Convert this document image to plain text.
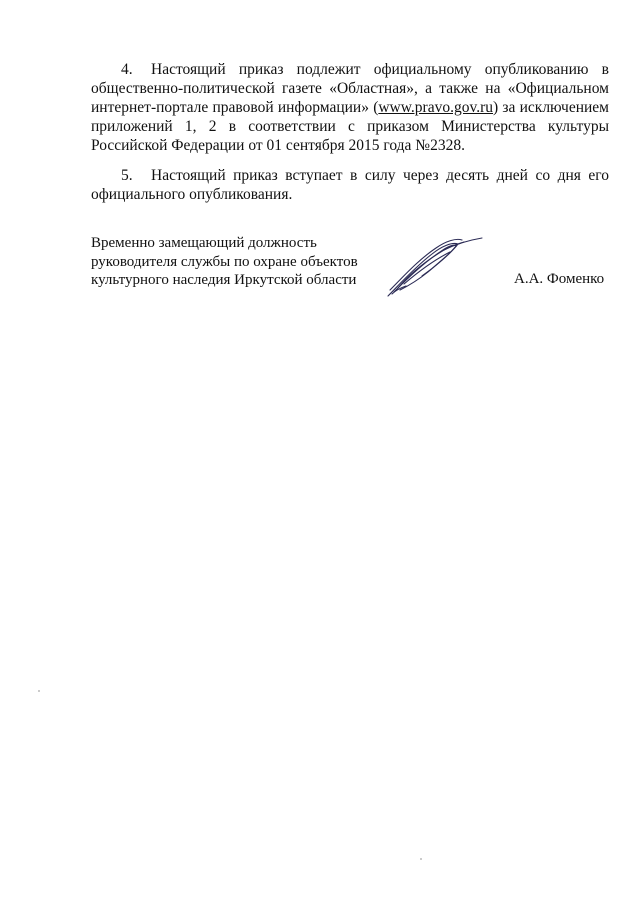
4. Настоящий приказ подлежит официальному опубликованию в общественно-политической газете «Областная», а также на «Официальном интернет-портале правовой информации» (www.pravo.gov.ru) за исключением приложений 1, 2 в соответствии с приказом Министерства культуры Российской Федерации от 01 сентября 2015 года №2328.
5. Настоящий приказ вступает в силу через десять дней со дня его официального опубликования.
Временно замещающий должность
руководителя службы по охране объектов
культурного наследия Иркутской области	А.А. Фоменко
